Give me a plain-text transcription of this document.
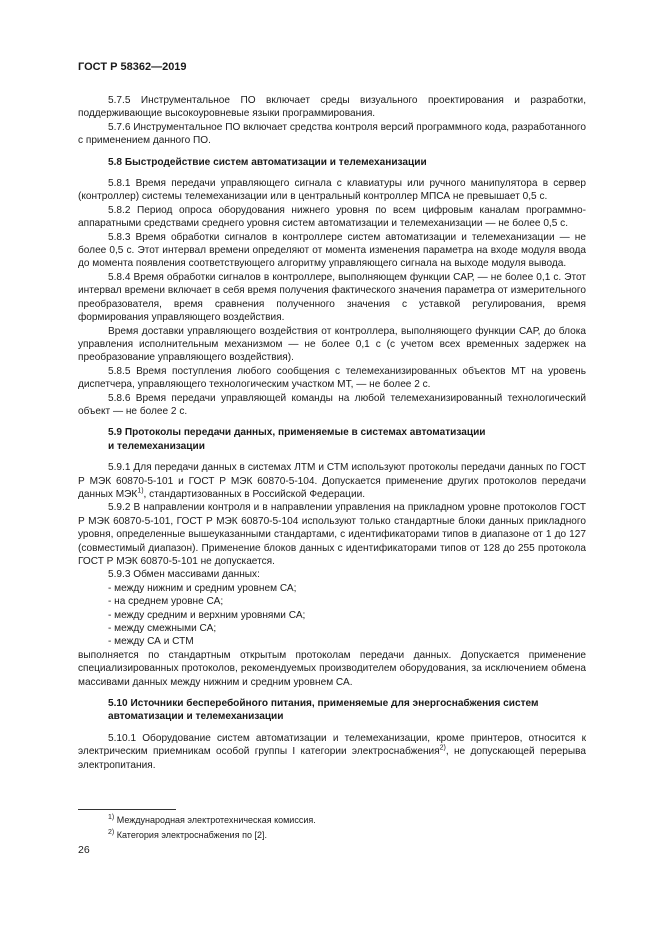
ГОСТ Р 58362—2019

5.7.5 Инструментальное ПО включает среды визуального проектирования и разработки, поддерживающие высокоуровневые языки программирования.

5.7.6 Инструментальное ПО включает средства контроля версий программного кода, разработанного с применением данного ПО.

5.8 Быстродействие систем автоматизации и телемеханизации

5.8.1 Время передачи управляющего сигнала с клавиатуры или ручного манипулятора в сервер (контроллер) системы телемеханизации или в центральный контроллер МПСА не превышает 0,5 с.

5.8.2 Период опроса оборудования нижнего уровня по всем цифровым каналам программно-аппаратными средствами среднего уровня систем автоматизации и телемеханизации — не более 0,5 с.

5.8.3 Время обработки сигналов в контроллере систем автоматизации и телемеханизации — не более 0,5 с. Этот интервал времени определяют от момента изменения параметра на входе модуля ввода до момента появления соответствующего алгоритму управляющего сигнала на выходе модуля вывода.

5.8.4 Время обработки сигналов в контроллере, выполняющем функции САР, — не более 0,1 с. Этот интервал времени включает в себя время получения фактического значения параметра от измерительного преобразователя, время сравнения полученного значения с уставкой регулирования, время формирования управляющего воздействия.

Время доставки управляющего воздействия от контроллера, выполняющего функции САР, до блока управления исполнительным механизмом — не более 0,1 с (с учетом всех временных задержек на преобразование управляющего воздействия).

5.8.5 Время поступления любого сообщения с телемеханизированных объектов МТ на уровень диспетчера, управляющего технологическим участком МТ, — не более 2 с.

5.8.6 Время передачи управляющей команды на любой телемеханизированный технологический объект — не более 2 с.

5.9 Протоколы передачи данных, применяемые в системах автоматизации
и телемеханизации

5.9.1 Для передачи данных в системах ЛТМ и СТМ используют протоколы передачи данных по ГОСТ Р МЭК 60870-5-101 и ГОСТ Р МЭК 60870-5-104. Допускается применение других протоколов передачи данных МЭК$^{1)}$, стандартизованных в Российской Федерации.

5.9.2 В направлении контроля и в направлении управления на прикладном уровне протоколов ГОСТ Р МЭК 60870-5-101, ГОСТ Р МЭК 60870-5-104 используют только стандартные блоки данных прикладного уровня, определенные вышеуказанными стандартами, с идентификаторами типов в диапазоне от 1 до 127 (совместимый диапазон). Применение блоков данных с идентификаторами типов от 128 до 255 протокола ГОСТ Р МЭК 60870-5-101 не допускается.

5.9.3 Обмен массивами данных:

- между нижним и средним уровнем СА;

- на среднем уровне СА;

- между средним и верхним уровнями СА;

- между смежными СА;

- между СА и СТМ

выполняется по стандартным открытым протоколам передачи данных. Допускается применение специализированных протоколов, рекомендуемых производителем оборудования, за исключением обмена массивами данных между нижним и средним уровнем СА.

5.10 Источники бесперебойного питания, применяемые для энергоснабжения систем
автоматизации и телемеханизации

5.10.1 Оборудование систем автоматизации и телемеханизации, кроме принтеров, относится к электрическим приемникам особой группы I категории электроснабжения$^{2)}$, не допускающей перерыва электропитания.

$^{1)}$ Международная электротехническая комиссия.
$^{2)}$ Категория электроснабжения по [2].
26
